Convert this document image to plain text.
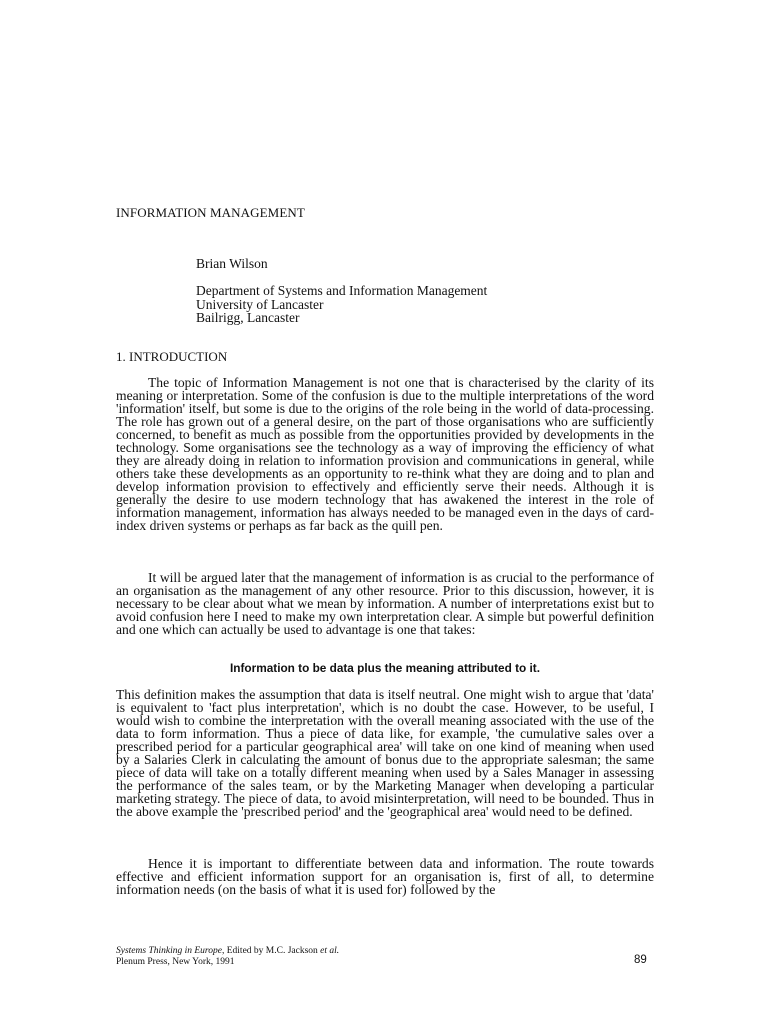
INFORMATION MANAGEMENT
Brian Wilson
Department of Systems and Information Management
University of Lancaster
Bailrigg, Lancaster
1. INTRODUCTION

The topic of Information Management is not one that is characterised by the clarity of its meaning or interpretation. Some of the confusion is due to the multiple interpretations of the word 'information' itself, but some is due to the origins of the role being in the world of data-processing. The role has grown out of a general desire, on the part of those organisations who are sufficiently concerned, to benefit as much as possible from the opportunities provided by developments in the technology. Some organisations see the technology as a way of improving the efficiency of what they are already doing in relation to information provision and communications in general, while others take these developments as an opportunity to re-think what they are doing and to plan and develop information provision to effectively and efficiently serve their needs. Although it is generally the desire to use modern technology that has awakened the interest in the role of information management, information has always needed to be managed even in the days of card-index driven systems or perhaps as far back as the quill pen.

It will be argued later that the management of information is as crucial to the performance of an organisation as the management of any other resource. Prior to this discussion, however, it is necessary to be clear about what we mean by information. A number of interpretations exist but to avoid confusion here I need to make my own interpretation clear. A simple but powerful definition and one which can actually be used to advantage is one that takes:

Information to be data plus the meaning attributed to it.

This definition makes the assumption that data is itself neutral. One might wish to argue that 'data' is equivalent to 'fact plus interpretation', which is no doubt the case. However, to be useful, I would wish to combine the interpretation with the overall meaning associated with the use of the data to form information. Thus a piece of data like, for example, 'the cumulative sales over a prescribed period for a particular geographical area' will take on one kind of meaning when used by a Salaries Clerk in calculating the amount of bonus due to the appropriate salesman; the same piece of data will take on a totally different meaning when used by a Sales Manager in assessing the performance of the sales team, or by the Marketing Manager when developing a particular marketing strategy. The piece of data, to avoid misinterpretation, will need to be bounded. Thus in the above example the 'prescribed period' and the 'geographical area' would need to be defined.

Hence it is important to differentiate between data and information. The route towards effective and efficient information support for an organisation is, first of all, to determine information needs (on the basis of what it is used for) followed by the

Systems Thinking in Europe, Edited by M.C. Jackson et al.
Plenum Press, New York, 1991	89
